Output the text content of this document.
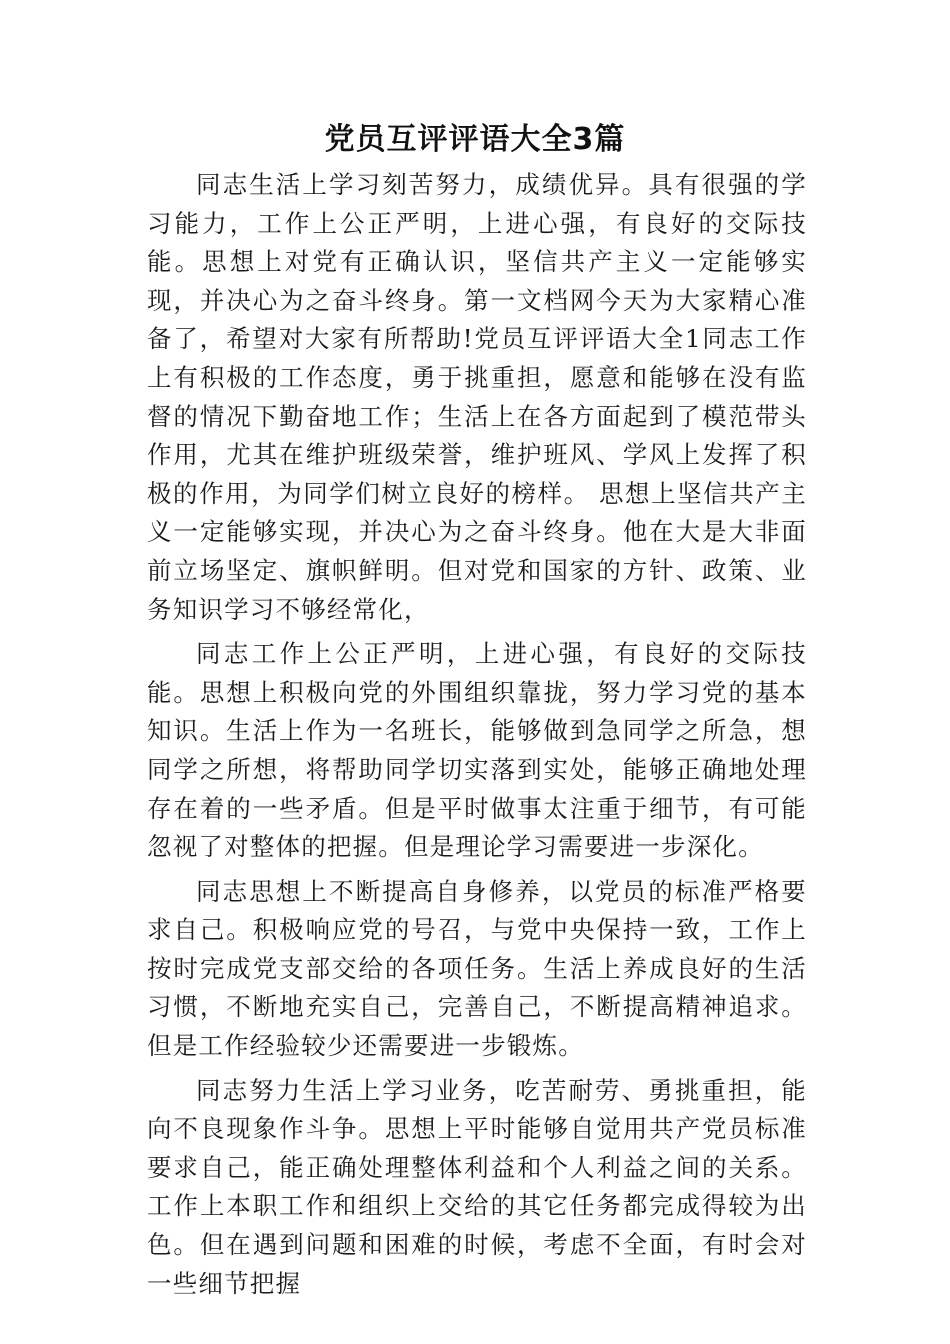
党员互评评语大全3篇

同志生活上学习刻苦努力，成绩优异。具有很强的学习能力，工作上公正严明，上进心强，有良好的交际技能。思想上对党有正确认识，坚信共产主义一定能够实现，并决心为之奋斗终身。第一文档网今天为大家精心准备了，希望对大家有所帮助!党员互评评语大全1同志工作上有积极的工作态度，勇于挑重担，愿意和能够在没有监督的情况下勤奋地工作；生活上在各方面起到了模范带头作用，尤其在维护班级荣誉，维护班风、学风上发挥了积极的作用，为同学们树立良好的榜样。 思想上坚信共产主义一定能够实现，并决心为之奋斗终身。他在大是大非面前立场坚定、旗帜鲜明。但对党和国家的方针、政策、业务知识学习不够经常化，

同志工作上公正严明，上进心强，有良好的交际技能。思想上积极向党的外围组织靠拢，努力学习党的基本知识。生活上作为一名班长，能够做到急同学之所急，想同学之所想，将帮助同学切实落到实处，能够正确地处理存在着的一些矛盾。但是平时做事太注重于细节，有可能忽视了对整体的把握。但是理论学习需要进一步深化。

同志思想上不断提高自身修养，以党员的标准严格要求自己。积极响应党的号召，与党中央保持一致，工作上按时完成党支部交给的各项任务。生活上养成良好的生活习惯，不断地充实自己，完善自己，不断提高精神追求。但是工作经验较少还需要进一步锻炼。

同志努力生活上学习业务，吃苦耐劳、勇挑重担，能向不良现象作斗争。思想上平时能够自觉用共产党员标准要求自己，能正确处理整体利益和个人利益之间的关系。工作上本职工作和组织上交给的其它任务都完成得较为出色。但在遇到问题和困难的时候，考虑不全面，有时会对一些细节把握
